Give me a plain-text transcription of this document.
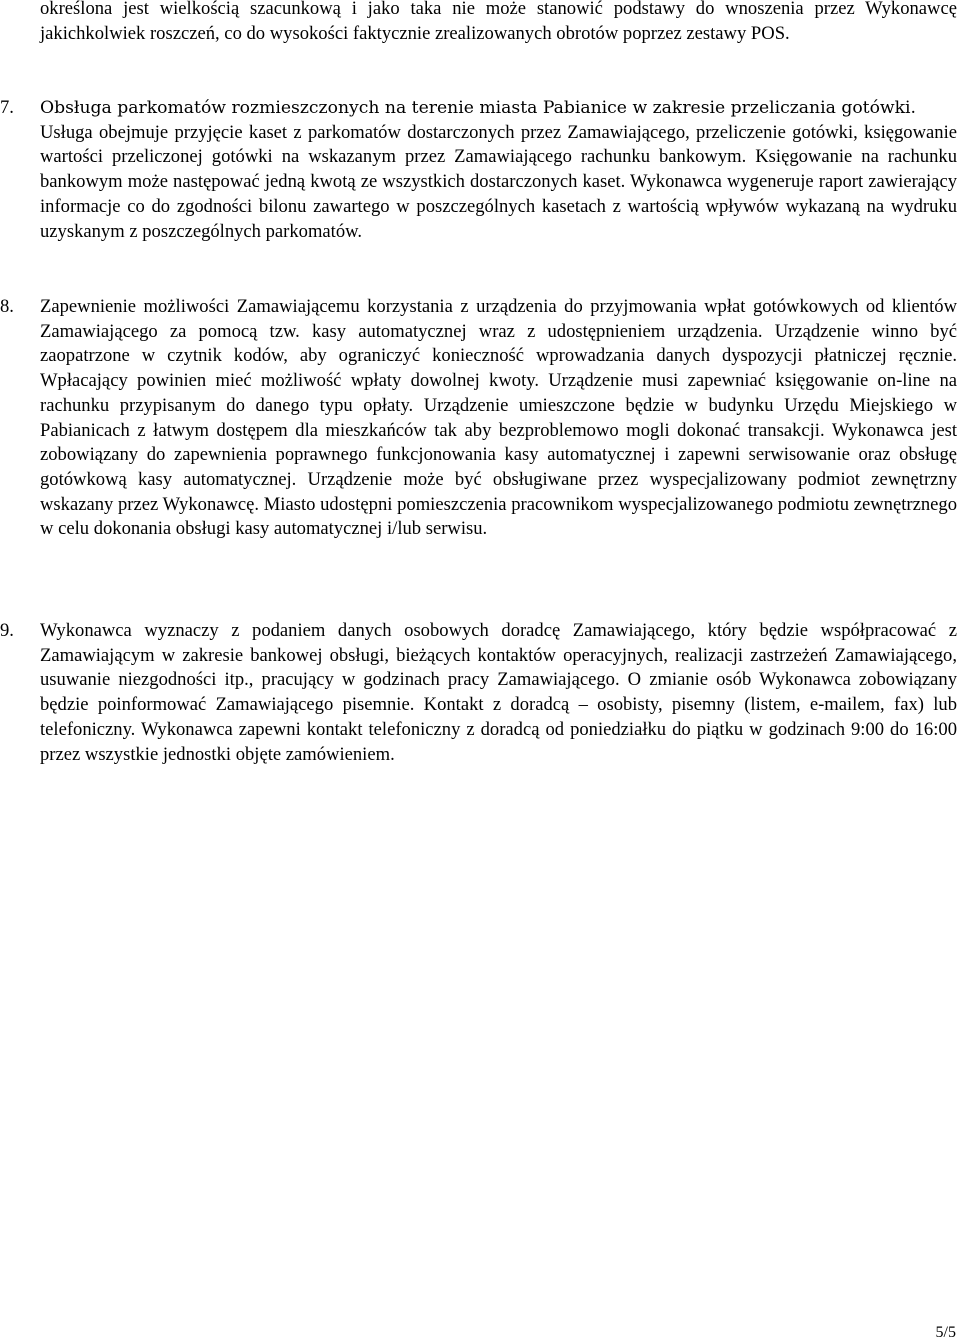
określona jest wielkością szacunkową i jako taka nie może stanowić podstawy do wnoszenia przez Wykonawcę jakichkolwiek roszczeń, co do wysokości faktycznie zrealizowanych obrotów poprzez zestawy POS.

7.	Obsługa parkomatów rozmieszczonych na terenie miasta Pabianice w zakresie przeliczania gotówki.

Usługa obejmuje przyjęcie kaset z parkomatów dostarczonych przez Zamawiającego, przeliczenie gotówki, księgowanie wartości przeliczonej gotówki na wskazanym przez Zamawiającego rachunku bankowym. Księgowanie na rachunku bankowym może następować jedną kwotą ze wszystkich dostarczonych kaset. Wykonawca wygeneruje raport zawierający informacje co do zgodności bilonu zawartego w poszczególnych kasetach z wartością wpływów wykazaną na wydruku uzyskanym z poszczególnych parkomatów.

8.	Zapewnienie możliwości Zamawiającemu korzystania z urządzenia do przyjmowania wpłat gotówkowych od klientów Zamawiającego za pomocą tzw. kasy automatycznej wraz z udostępnieniem urządzenia. Urządzenie winno być zaopatrzone w czytnik kodów, aby ograniczyć konieczność wprowadzania danych dyspozycji płatniczej ręcznie. Wpłacający powinien mieć możliwość wpłaty dowolnej kwoty. Urządzenie musi zapewniać księgowanie on-line na rachunku przypisanym do danego typu opłaty. Urządzenie umieszczone będzie w budynku Urzędu Miejskiego w Pabianicach z łatwym dostępem dla mieszkańców tak aby bezproblemowo mogli dokonać transakcji. Wykonawca jest zobowiązany do zapewnienia poprawnego funkcjonowania kasy automatycznej i zapewni serwisowanie oraz obsługę gotówkową kasy automatycznej. Urządzenie może być obsługiwane przez wyspecjalizowany podmiot zewnętrzny wskazany przez Wykonawcę. Miasto udostępni pomieszczenia pracownikom wyspecjalizowanego podmiotu zewnętrznego w celu dokonania obsługi kasy automatycznej i/lub serwisu.

9.	Wykonawca wyznaczy z podaniem danych osobowych doradcę Zamawiającego, który będzie współpracować z Zamawiającym w zakresie bankowej obsługi, bieżących kontaktów operacyjnych, realizacji zastrzeżeń Zamawiającego, usuwanie niezgodności itp., pracujący w godzinach pracy Zamawiającego. O zmianie osób Wykonawca zobowiązany będzie poinformować Zamawiającego pisemnie. Kontakt z doradcą – osobisty, pisemny (listem, e-mailem, fax) lub telefoniczny. Wykonawca zapewni kontakt telefoniczny z doradcą od poniedziałku do piątku w godzinach 9:00 do 16:00 przez wszystkie jednostki objęte zamówieniem.

5/5
